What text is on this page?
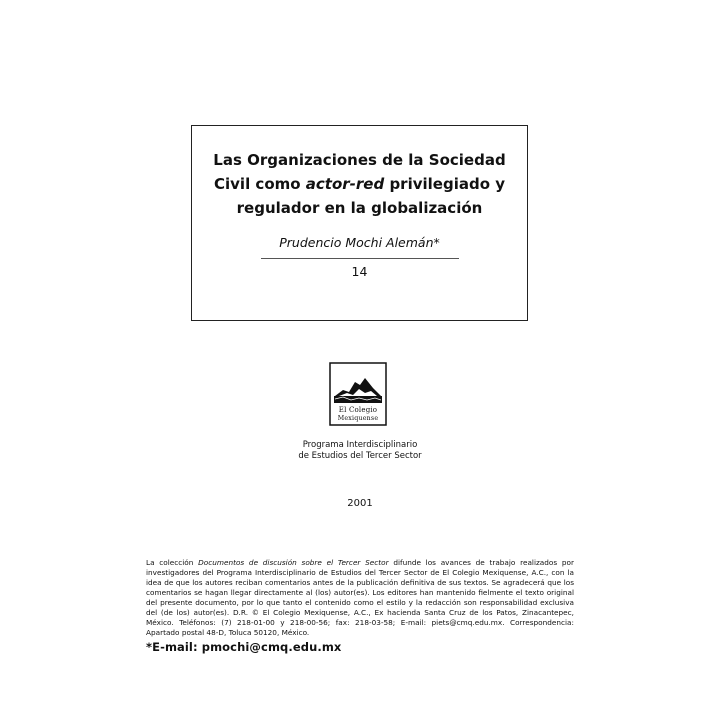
Las Organizaciones de la Sociedad
Civil como actor-red privilegiado y
regulador en la globalización
Prudencio Mochi Alemán*
14
El Colegio
Mexiquense
Programa Interdisciplinario
de Estudios del Tercer Sector
2001

La colección Documentos de discusión sobre el Tercer Sector difunde los avances de trabajo realizados por investigadores del Programa Interdisciplinario de Estudios del Tercer Sector de El Colegio Mexiquense, A.C., con la idea de que los autores reciban comentarios antes de la publicación definitiva de sus textos. Se agradecerá que los comentarios se hagan llegar directamente al (los) autor(es). Los editores han mantenido fielmente el texto original del presente documento, por lo que tanto el contenido como el estilo y la redacción son responsabilidad exclusiva del (de los) autor(es). D.R. © El Colegio Mexiquense, A.C., Ex hacienda Santa Cruz de los Patos, Zinacantepec, México. Teléfonos: (7) 218-01-00 y 218-00-56; fax: 218-03-58; E-mail: piets@cmq.edu.mx. Correspondencia: Apartado postal 48-D, Toluca 50120, México.

*E-mail: pmochi@cmq.edu.mx
